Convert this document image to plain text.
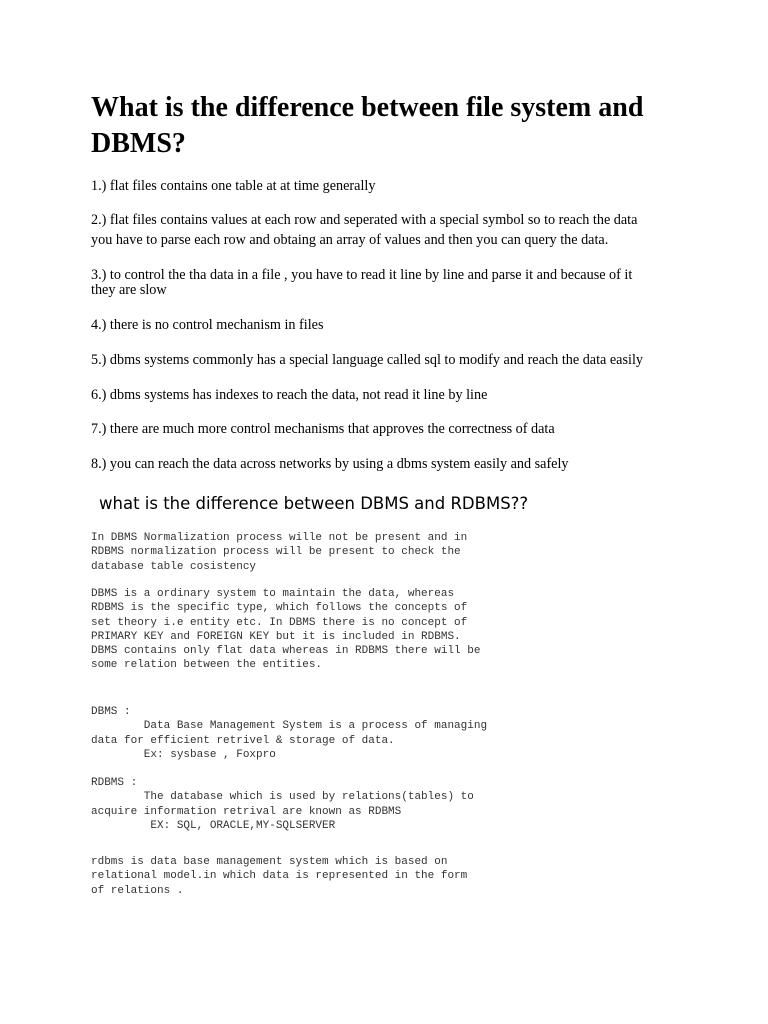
What is the difference between file system and DBMS?

1.) flat files contains one table at at time generally

2.) flat files contains values at each row and seperated with a special symbol so to reach the data

you have to parse each row and obtaing an array of values and then you can query the data.

3.) to control the tha data in a file , you have to read it line by line and parse it and because of it

they are slow

4.) there is no control mechanism in files

5.) dbms systems commonly has a special language called sql to modify and reach the data easily

6.) dbms systems has indexes to reach the data, not read it line by line

7.) there are much more control mechanisms that approves the correctness of data

8.) you can reach the data across networks by using a dbms system easily and safely

what is the difference between DBMS and RDBMS??
In DBMS Normalization process wille not be present and in
RDBMS normalization process will be present to check the
database table cosistency
DBMS is a ordinary system to maintain the data, whereas
RDBMS is the specific type, which follows the concepts of
set theory i.e entity etc. In DBMS there is no concept of
PRIMARY KEY and FOREIGN KEY but it is included in RDBMS.
DBMS contains only flat data whereas in RDBMS there will be
some relation between the entities.
DBMS :
Data Base Management System is a process of managing
data for efficient retrivel & storage of data.
Ex: sysbase , Foxpro
RDBMS :
The database which is used by relations(tables) to
acquire information retrival are known as RDBMS
EX: SQL, ORACLE,MY-SQLSERVER
rdbms is data base management system which is based on
relational model.in which data is represented in the form
of relations .
